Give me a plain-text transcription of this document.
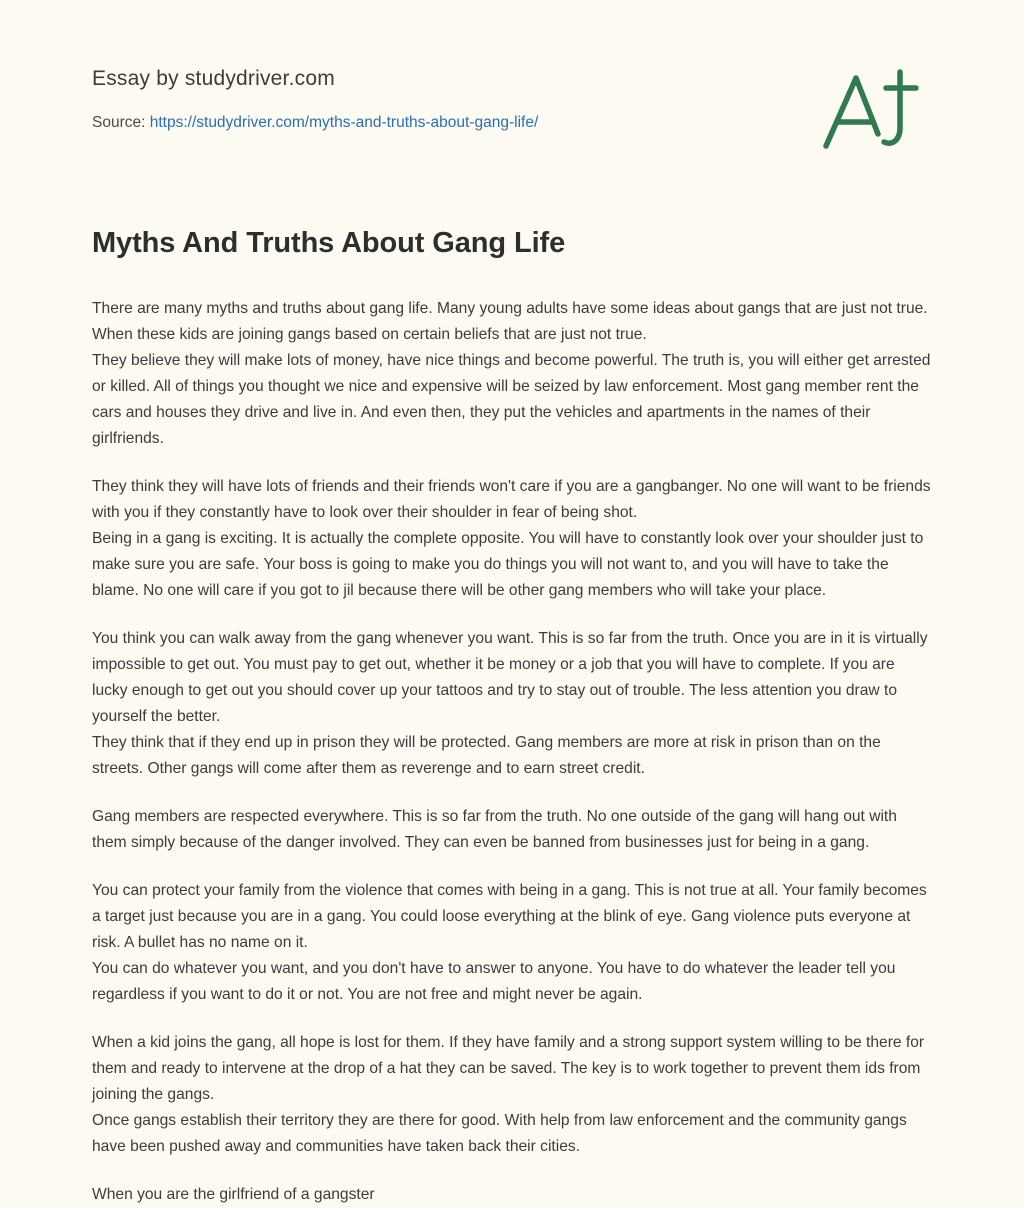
Essay by studydriver.com
Source: https://studydriver.com/myths-and-truths-about-gang-life/
Myths And Truths About Gang Life

There are many myths and truths about gang life. Many young adults have some ideas about gangs that are just not true. When these kids are joining gangs based on certain beliefs that are just not true.

They believe they will make lots of money, have nice things and become powerful. The truth is, you will either get arrested or killed. All of things you thought we nice and expensive will be seized by law enforcement. Most gang member rent the cars and houses they drive and live in. And even then, they put the vehicles and apartments in the names of their girlfriends.

They think they will have lots of friends and their friends won't care if you are a gangbanger. No one will want to be friends with you if they constantly have to look over their shoulder in fear of being shot.

Being in a gang is exciting. It is actually the complete opposite. You will have to constantly look over your shoulder just to make sure you are safe. Your boss is going to make you do things you will not want to, and you will have to take the blame. No one will care if you got to jil because there will be other gang members who will take your place.

You think you can walk away from the gang whenever you want. This is so far from the truth. Once you are in it is virtually impossible to get out. You must pay to get out, whether it be money or a job that you will have to complete. If you are lucky enough to get out you should cover up your tattoos and try to stay out of trouble. The less attention you draw to yourself the better.

They think that if they end up in prison they will be protected. Gang members are more at risk in prison than on the streets. Other gangs will come after them as reverenge and to earn street credit.

Gang members are respected everywhere. This is so far from the truth. No one outside of the gang will hang out with them simply because of the danger involved. They can even be banned from businesses just for being in a gang.

You can protect your family from the violence that comes with being in a gang. This is not true at all. Your family becomes a target just because you are in a gang. You could loose everything at the blink of eye. Gang violence puts everyone at risk. A bullet has no name on it.

You can do whatever you want, and you don't have to answer to anyone. You have to do whatever the leader tell you regardless if you want to do it or not. You are not free and might never be again.

When a kid joins the gang, all hope is lost for them. If they have family and a strong support system willing to be there for them and ready to intervene at the drop of a hat they can be saved. The key is to work together to prevent them ids from joining the gangs.

Once gangs establish their territory they are there for good. With help from law enforcement and the community gangs have been pushed away and communities have taken back their cities.

When you are the girlfriend of a gangster
